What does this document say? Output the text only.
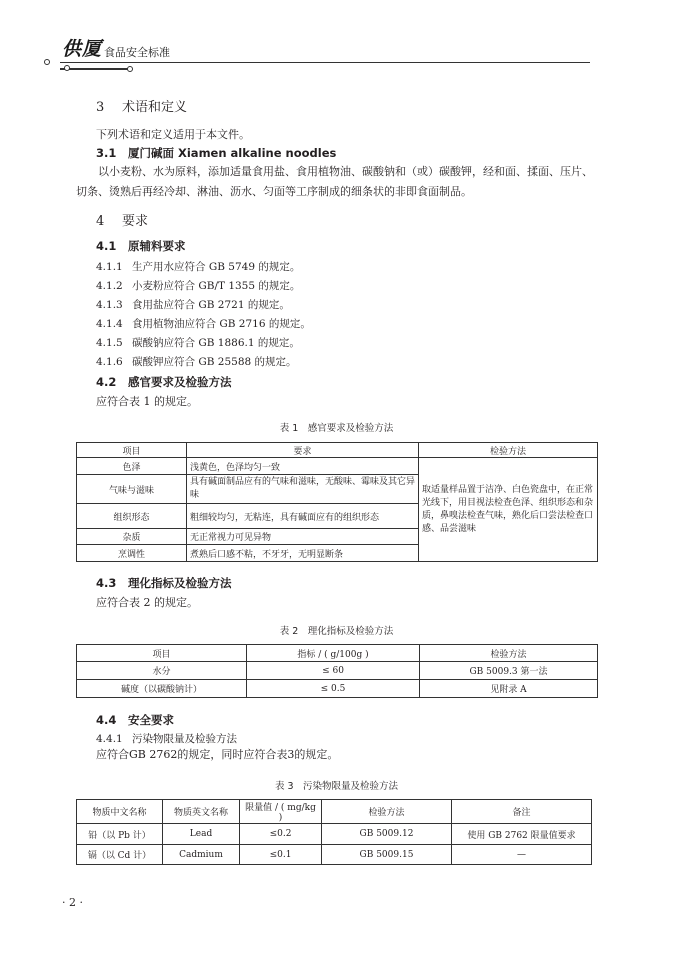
供厦 食品安全标准
3 术语和定义
下列术语和定义适用于本文件。
3.1 厦门碱面 Xiamen alkaline noodles
以小麦粉、水为原料，添加适量食用盐、食用植物油、碳酸钠和（或）碳酸钾，经和面、揉面、压片、切条、烫熟后再经冷却、淋油、沥水、匀面等工序制成的细条状的非即食面制品。
4 要求
4.1 原辅料要求
4.1.1 生产用水应符合 GB 5749 的规定。
4.1.2 小麦粉应符合 GB/T 1355 的规定。
4.1.3 食用盐应符合 GB 2721 的规定。
4.1.4 食用植物油应符合 GB 2716 的规定。
4.1.5 碳酸钠应符合 GB 1886.1 的规定。
4.1.6 碳酸钾应符合 GB 25588 的规定。
4.2 感官要求及检验方法
应符合表 1 的规定。
表 1　感官要求及检验方法
项目	要求	检验方法
色泽	浅黄色，色泽均匀一致	取适量样品置于洁净、白色瓷盘中，在正常光线下，用目视法检查色泽、组织形态和杂质，鼻嗅法检查气味，熟化后口尝法检查口感、品尝滋味
气味与滋味	具有碱面制品应有的气味和滋味，无酸味、霉味及其它异味	
组织形态	粗细较均匀，无粘连，具有碱面应有的组织形态	
杂质	无正常视力可见异物	
烹调性	煮熟后口感不粘，不牙牙，无明显断条	
4.3 理化指标及检验方法
应符合表 2 的规定。
表 2　理化指标及检验方法
项目	指标 / ( g/100g )	检验方法
水分	≤ 60	GB 5009.3 第一法
碱度（以碳酸钠计）	≤ 0.5	见附录 A
4.4 安全要求
4.4.1 污染物限量及检验方法
应符合GB 2762的规定，同时应符合表3的规定。
表 3　污染物限量及检验方法
物质中文名称	物质英文名称	限量值 / ( mg/kg )	检验方法	备注
铅（以 Pb 计）	Lead	≤0.2	GB 5009.12	使用 GB 2762 限量值要求
镉（以 Cd 计）	Cadmium	≤0.1	GB 5009.15	—
· 2 ·
